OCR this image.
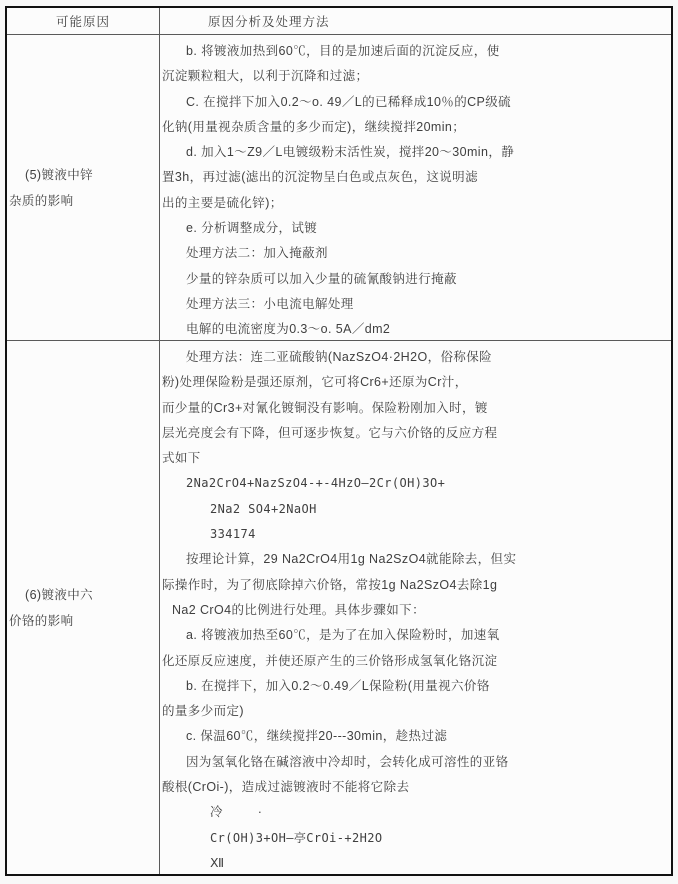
可能原因	原因分析及处理方法
(5)镀液中锌
杂质的影响
b. 将镀液加热到60℃，目的是加速后面的沉淀反应，使
沉淀颗粒粗大，以利于沉降和过滤；
C. 在搅拌下加入0.2～o. 49／L的已稀释成10％的CP级硫
化钠(用量视杂质含量的多少而定)，继续搅拌20min；
d. 加入1～Z9／L电镀级粉末活性炭，搅拌20～30min，静
置3h，再过滤(滤出的沉淀物呈白色或点灰色，这说明滤
出的主要是硫化锌)；
e. 分析调整成分，试镀
处理方法二：加入掩蔽剂
少量的锌杂质可以加入少量的硫氰酸钠进行掩蔽
处理方法三：小电流电解处理
电解的电流密度为0.3～o. 5A／dm2
(6)镀液中六
价铬的影响
处理方法：连二亚硫酸钠(NazSzO4·2H2O，俗称保险
粉)处理保险粉是强还原剂，它可将Cr6+还原为Cr汁，
而少量的Cr3+对氰化镀铜没有影响。保险粉刚加入时，镀
层光亮度会有下降，但可逐步恢复。它与六价铬的反应方程
式如下
2Na2CrO4+NazSzO4-+-4HzO—2Cr(OH)3O+
2Na2 SO4+2NaOH
334174
按理论计算，29 Na2CrO4用1g Na2SzO4就能除去，但实
际操作时，为了彻底除掉六价铬，常按1g Na2SzO4去除1g
Na2 CrO4的比例进行处理。具体步骤如下：
a. 将镀液加热至60℃，是为了在加入保险粉时，加速氧
化还原反应速度，并使还原产生的三价铬形成氢氧化铬沉淀
b. 在搅拌下，加入0.2～0.49／L保险粉(用量视六价铬
的量多少而定)
c. 保温60℃，继续搅拌20---30min，趁热过滤
因为氢氧化铬在碱溶液中冷却时，会转化成可溶性的亚铬
酸根(CrOi-)，造成过滤镀液时不能将它除去
冷         ·
Cr(OH)3+OH—亭CrOi-+2H2O
Ⅻ
